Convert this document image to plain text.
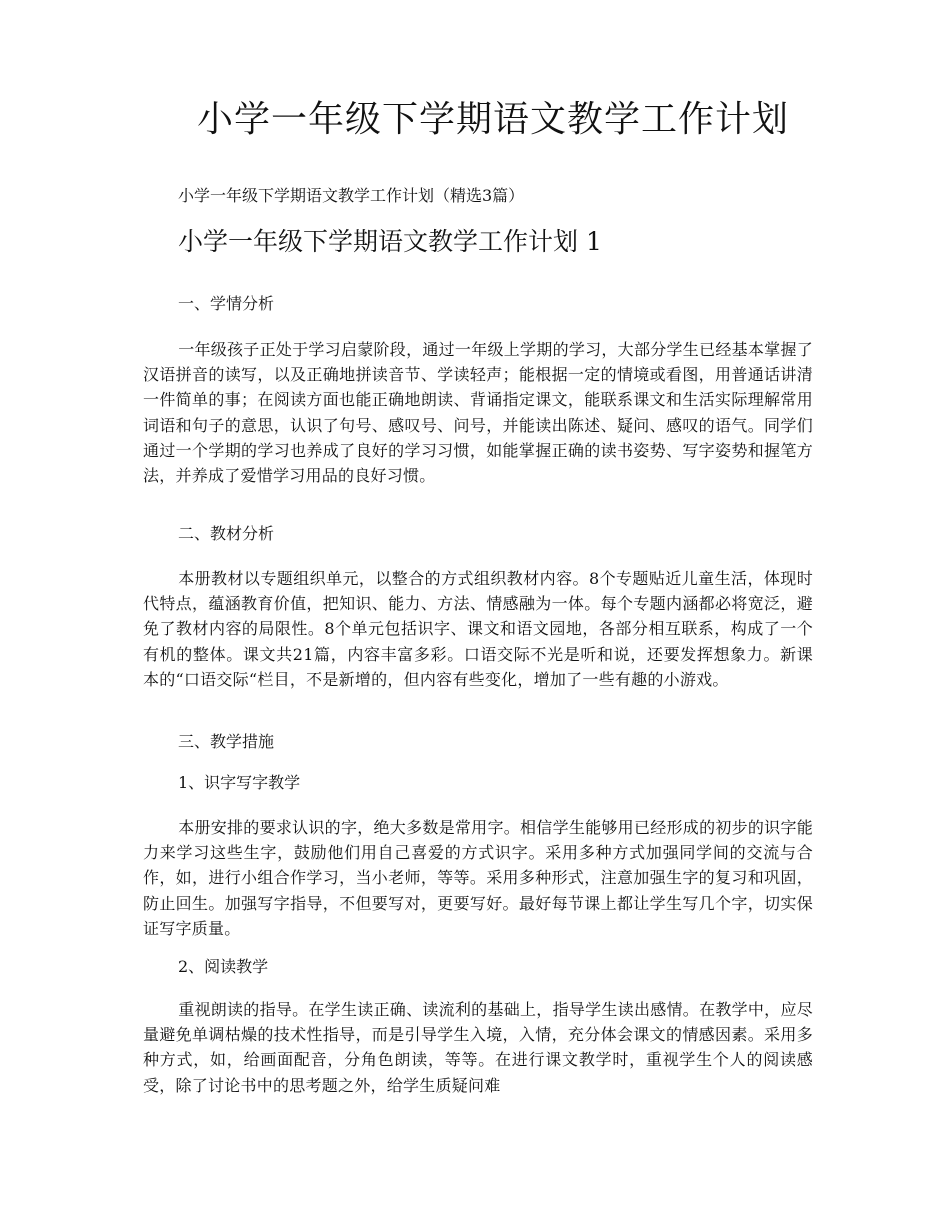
小学一年级下学期语文教学工作计划

小学一年级下学期语文教学工作计划（精选3篇）

小学一年级下学期语文教学工作计划 1

一、学情分析

一年级孩子正处于学习启蒙阶段，通过一年级上学期的学习，大部分学生已经基本掌握了汉语拼音的读写，以及正确地拼读音节、学读轻声；能根据一定的情境或看图，用普通话讲清一件简单的事；在阅读方面也能正确地朗读、背诵指定课文，能联系课文和生活实际理解常用词语和句子的意思，认识了句号、感叹号、问号，并能读出陈述、疑问、感叹的语气。同学们通过一个学期的学习也养成了良好的学习习惯，如能掌握正确的读书姿势、写字姿势和握笔方法，并养成了爱惜学习用品的良好习惯。

二、教材分析

本册教材以专题组织单元，以整合的方式组织教材内容。8个专题贴近儿童生活，体现时代特点，蕴涵教育价值，把知识、能力、方法、情感融为一体。每个专题内涵都必将宽泛，避免了教材内容的局限性。8个单元包括识字、课文和语文园地，各部分相互联系，构成了一个有机的整体。课文共21篇，内容丰富多彩。口语交际不光是听和说，还要发挥想象力。新课本的“口语交际“栏目，不是新增的，但内容有些变化，增加了一些有趣的小游戏。

三、教学措施

1、识字写字教学

本册安排的要求认识的字，绝大多数是常用字。相信学生能够用已经形成的初步的识字能力来学习这些生字，鼓励他们用自己喜爱的方式识字。采用多种方式加强同学间的交流与合作，如，进行小组合作学习，当小老师，等等。采用多种形式，注意加强生字的复习和巩固，防止回生。加强写字指导，不但要写对，更要写好。最好每节课上都让学生写几个字，切实保证写字质量。

2、阅读教学

重视朗读的指导。在学生读正确、读流利的基础上，指导学生读出感情。在教学中，应尽量避免单调枯燥的技术性指导，而是引导学生入境，入情，充分体会课文的情感因素。采用多种方式，如，给画面配音，分角色朗读，等等。在进行课文教学时，重视学生个人的阅读感受，除了讨论书中的思考题之外，给学生质疑问难
